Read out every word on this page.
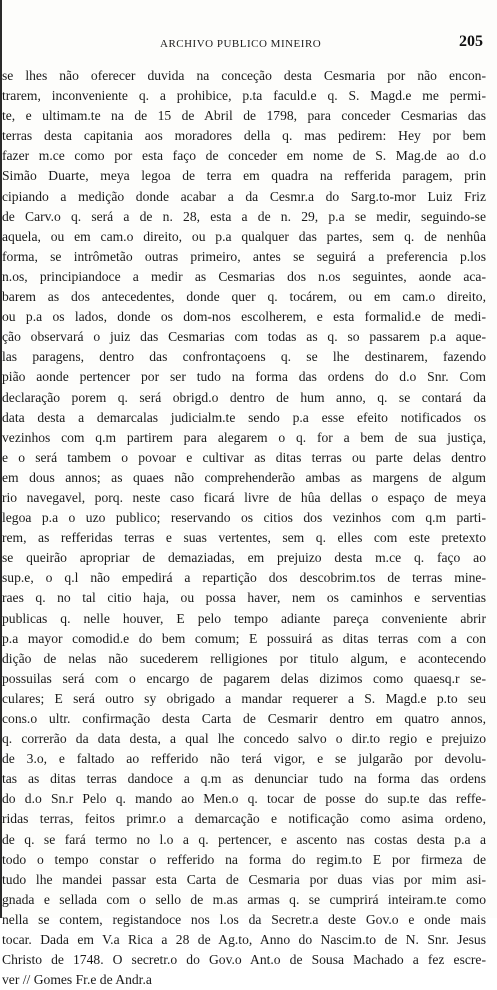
ARCHIVO PUBLICO MINEIRO	205
se lhes não oferecer duvida na conceção desta Cesmaria por não encon-
trarem, inconveniente q. a prohibice, p.ta faculd.e q. S. Magd.e me permi-
te, e ultimam.te na de 15 de Abril de 1798, para conceder Cesmarias das
terras desta capitania aos moradores della q. mas pedirem: Hey por bem
fazer m.ce como por esta faço de conceder em nome de S. Mag.de ao d.o
Simão Duarte, meya legoa de terra em quadra na refferida paragem, prin
cipiando a medição donde acabar a da Cesmr.a do Sarg.to-mor Luiz Friz
de Carv.o q. será a de n. 28, esta a de n. 29, p.a se medir, seguindo-se
aquela, ou em cam.o direito, ou p.a qualquer das partes, sem q. de nenhûa
forma, se intrômetão outras primeiro, antes se seguirá a preferencia p.los
n.os, principiandoce a medir as Cesmarias dos n.os seguintes, aonde aca-
barem as dos antecedentes, donde quer q. tocárem, ou em cam.o direito,
ou p.a os lados, donde os dom-nos escolherem, e esta formalid.e de medi-
ção observará o juiz das Cesmarias com todas as q. so passarem p.a aque-
las paragens, dentro das confrontaçoens q. se lhe destinarem, fazendo
pião aonde pertencer por ser tudo na forma das ordens do d.o Snr. Com
declaração porem q. será obrigd.o dentro de hum anno, q. se contará da
data desta a demarcalas judicialm.te sendo p.a esse efeito notificados os
vezinhos com q.m partirem para alegarem o q. for a bem de sua justiça,
e o será tambem o povoar e cultivar as ditas terras ou parte delas dentro
em dous annos; as quaes não comprehenderão ambas as margens de algum
rio navegavel, porq. neste caso ficará livre de hûa dellas o espaço de meya
legoa p.a o uzo publico; reservando os citios dos vezinhos com q.m parti-
rem, as refferidas terras e suas vertentes, sem q. elles com este pretexto
se queirão apropriar de demaziadas, em prejuizo desta m.ce q. faço ao
sup.e, o q.l não empedirá a repartição dos descobrim.tos de terras mine-
raes q. no tal citio haja, ou possa haver, nem os caminhos e serventias
publicas q. nelle houver, E pelo tempo adiante pareça conveniente abrir
p.a mayor comodid.e do bem comum; E possuirá as ditas terras com a con
dição de nelas não sucederem relligiones por titulo algum, e acontecendo
possuilas será com o encargo de pagarem delas dizimos como quaesq.r se-
culares; E será outro sy obrigado a mandar requerer a S. Magd.e p.to seu
cons.o ultr. confirmação desta Carta de Cesmarir dentro em quatro annos,
q. correrão da data desta, a qual lhe concedo salvo o dir.to regio e prejuizo
de 3.o, e faltado ao refferido não terá vigor, e se julgarão por devolu-
tas as ditas terras dandoce a q.m as denunciar tudo na forma das ordens
do d.o Sn.r Pelo q. mando ao Men.o q. tocar de posse do sup.te das reffe-
ridas terras, feitos primr.o a demarcação e notificação como asima ordeno,
de q. se fará termo no l.o a q. pertencer, e ascento nas costas desta p.a a
todo o tempo constar o refferido na forma do regim.to E por firmeza de
tudo lhe mandei passar esta Carta de Cesmaria por duas vias por mim asi-
gnada e sellada com o sello de m.as armas q. se cumprirá inteiram.te como
nella se contem, registandoce nos l.os da Secretr.a deste Gov.o e onde mais
tocar. Dada em V.a Rica a 28 de Ag.to, Anno do Nascim.to de N. Snr. Jesus
Christo de 1748. O secretr.o do Gov.o Ant.o de Sousa Machado a fez escre-
ver // Gomes Fr.e de Andr.a
